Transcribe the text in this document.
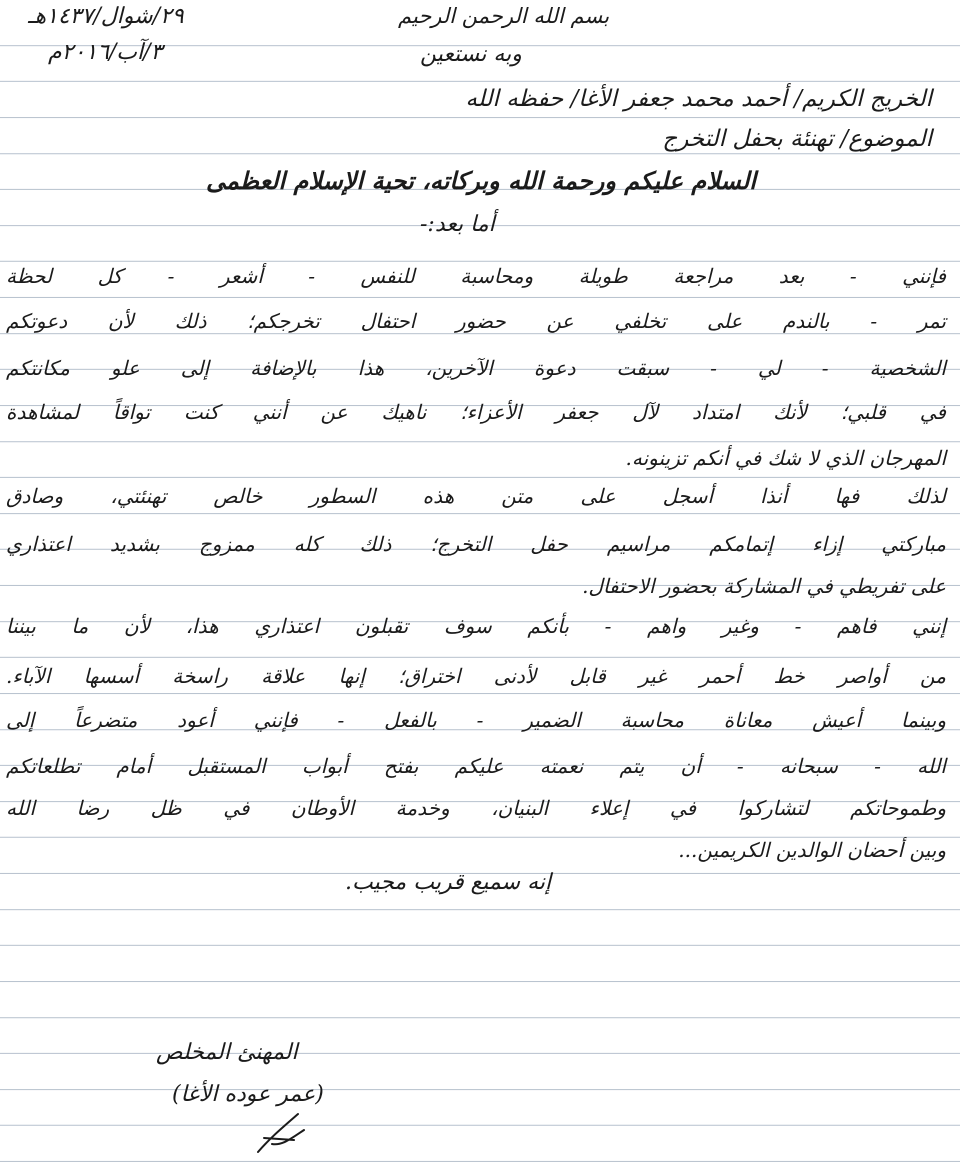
٢٩/شوال/١٤٣٧هـ

٣/آب/٢٠١٦م

بسم الله الرحمن الرحيم

وبه نستعين

الخريج الكريم/ أحمد محمد جعفر الأغا/ حفظه الله

الموضوع/ تهنئة بحفل التخرج

السلام عليكم ورحمة الله وبركاته، تحية الإسلام العظمى

أما بعد:-

فإنني - بعد مراجعة طويلة ومحاسبة للنفس - أشعر - كل لحظة

تمر - بالندم على تخلفي عن حضور احتفال تخرجكم؛ ذلك لأن دعوتكم

الشخصية - لي - سبقت دعوة الآخرين، هذا بالإضافة إلى علو مكانتكم

في قلبي؛ لأنك امتداد لآل جعفر الأعزاء؛ ناهيك عن أنني كنت تواقاً لمشاهدة

المهرجان الذي لا شك في أنكم تزينونه.

لذلك فها أنذا أسجل على متن هذه السطور خالص تهنئتي، وصادق

مباركتي إزاء إتمامكم مراسيم حفل التخرج؛ ذلك كله ممزوج بشديد اعتذاري

على تفريطي في المشاركة بحضور الاحتفال.

إنني فاهم - وغير واهم - بأنكم سوف تقبلون اعتذاري هذا، لأن ما بيننا

من أواصر خط أحمر غير قابل لأدنى اختراق؛ إنها علاقة راسخة أسسها الآباء.

وبينما أعيش معاناة محاسبة الضمير - بالفعل - فإنني أعود متضرعاً إلى

الله - سبحانه - أن يتم نعمته عليكم بفتح أبواب المستقبل أمام تطلعاتكم

وطموحاتكم لتشاركوا في إعلاء البنيان، وخدمة الأوطان في ظل رضا الله

وبين أحضان الوالدين الكريمين...

إنه سميع قريب مجيب.

المهنئ المخلص

(عمر عوده الأغا)
